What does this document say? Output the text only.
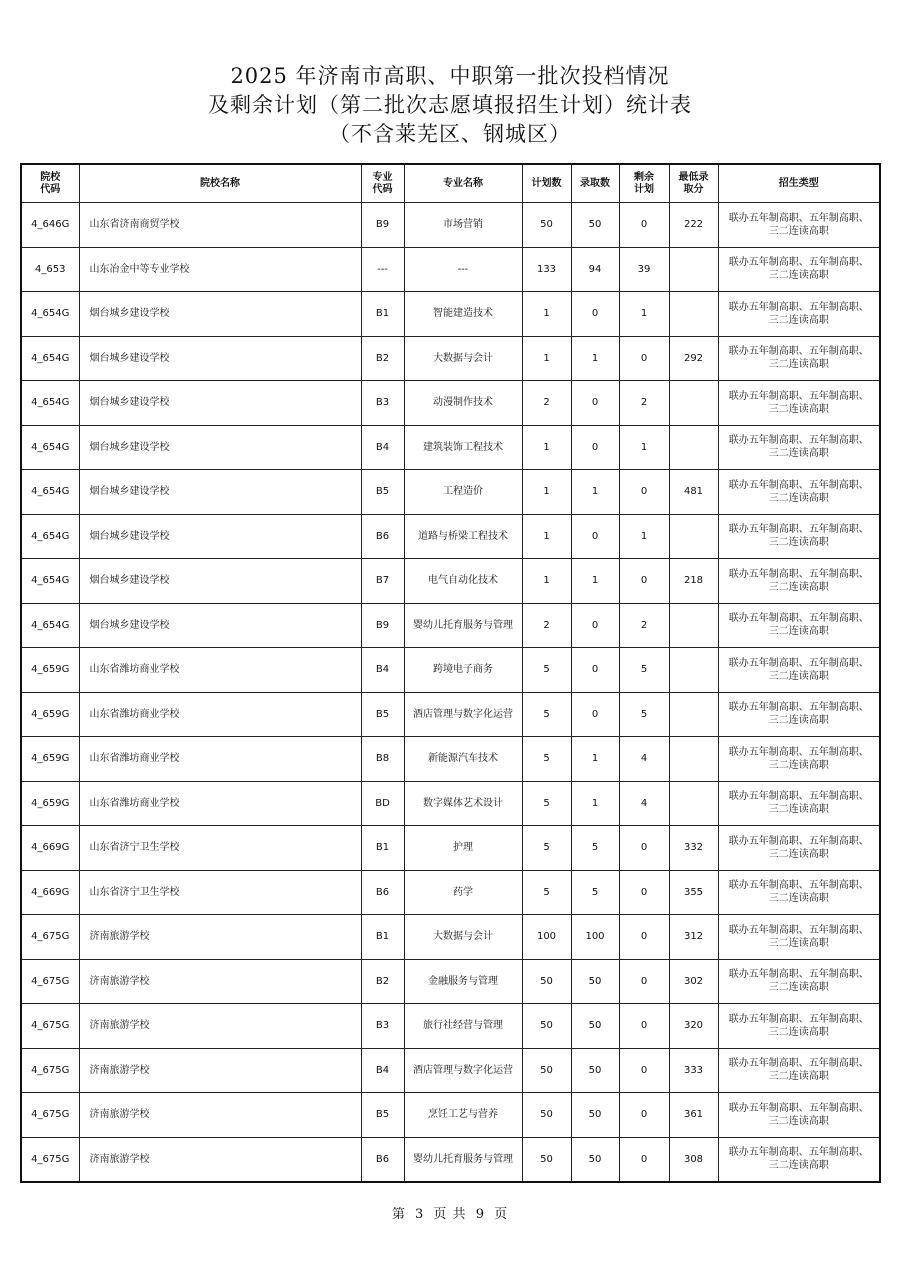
2025 年济南市高职、中职第一批次投档情况
及剩余计划（第二批次志愿填报招生计划）统计表
（不含莱芜区、钢城区）
院校代码	院校名称	专业代码	专业名称	计划数	录取数	剩余计划	最低录取分	招生类型
4_646G	山东省济南商贸学校	B9	市场营销	50	50	0	222	联办五年制高职、五年制高职、三二连读高职
4_653	山东冶金中等专业学校	---	---	133	94	39		联办五年制高职、五年制高职、三二连读高职
4_654G	烟台城乡建设学校	B1	智能建造技术	1	0	1		联办五年制高职、五年制高职、三二连读高职
4_654G	烟台城乡建设学校	B2	大数据与会计	1	1	0	292	联办五年制高职、五年制高职、三二连读高职
4_654G	烟台城乡建设学校	B3	动漫制作技术	2	0	2		联办五年制高职、五年制高职、三二连读高职
4_654G	烟台城乡建设学校	B4	建筑装饰工程技术	1	0	1		联办五年制高职、五年制高职、三二连读高职
4_654G	烟台城乡建设学校	B5	工程造价	1	1	0	481	联办五年制高职、五年制高职、三二连读高职
4_654G	烟台城乡建设学校	B6	道路与桥梁工程技术	1	0	1		联办五年制高职、五年制高职、三二连读高职
4_654G	烟台城乡建设学校	B7	电气自动化技术	1	1	0	218	联办五年制高职、五年制高职、三二连读高职
4_654G	烟台城乡建设学校	B9	婴幼儿托育服务与管理	2	0	2		联办五年制高职、五年制高职、三二连读高职
4_659G	山东省潍坊商业学校	B4	跨境电子商务	5	0	5		联办五年制高职、五年制高职、三二连读高职
4_659G	山东省潍坊商业学校	B5	酒店管理与数字化运营	5	0	5		联办五年制高职、五年制高职、三二连读高职
4_659G	山东省潍坊商业学校	B8	新能源汽车技术	5	1	4		联办五年制高职、五年制高职、三二连读高职
4_659G	山东省潍坊商业学校	BD	数字媒体艺术设计	5	1	4		联办五年制高职、五年制高职、三二连读高职
4_669G	山东省济宁卫生学校	B1	护理	5	5	0	332	联办五年制高职、五年制高职、三二连读高职
4_669G	山东省济宁卫生学校	B6	药学	5	5	0	355	联办五年制高职、五年制高职、三二连读高职
4_675G	济南旅游学校	B1	大数据与会计	100	100	0	312	联办五年制高职、五年制高职、三二连读高职
4_675G	济南旅游学校	B2	金融服务与管理	50	50	0	302	联办五年制高职、五年制高职、三二连读高职
4_675G	济南旅游学校	B3	旅行社经营与管理	50	50	0	320	联办五年制高职、五年制高职、三二连读高职
4_675G	济南旅游学校	B4	酒店管理与数字化运营	50	50	0	333	联办五年制高职、五年制高职、三二连读高职
4_675G	济南旅游学校	B5	烹饪工艺与营养	50	50	0	361	联办五年制高职、五年制高职、三二连读高职
4_675G	济南旅游学校	B6	婴幼儿托育服务与管理	50	50	0	308	联办五年制高职、五年制高职、三二连读高职
第 3 页 共 9 页
